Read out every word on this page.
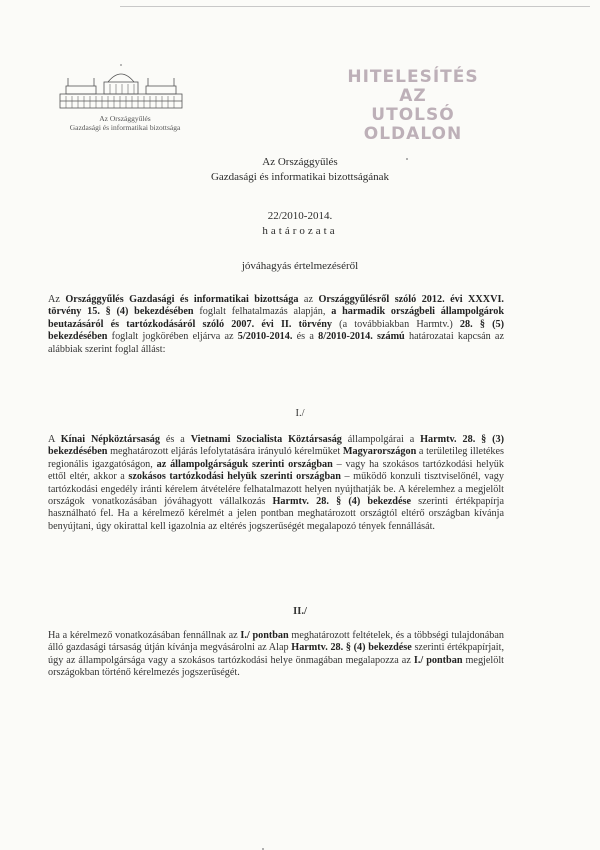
Az Országgyűlés
Gazdasági és informatikai bizottsága
HITELESÍTÉS AZ
UTOLSÓ OLDALON
Az Országgyűlés
Gazdasági és informatikai bizottságának
22/2010-2014.
határozata
jóváhagyás értelmezéséről
Az Országgyűlés Gazdasági és informatikai bizottsága az Országgyűlésről szóló 2012. évi XXXVI. törvény 15. § (4) bekezdésében foglalt felhatalmazás alapján, a harmadik országbeli állampolgárok beutazásáról és tartózkodásáról szóló 2007. évi II. törvény (a továbbiakban Harmtv.) 28. § (5) bekezdésében foglalt jogkörében eljárva az 5/2010-2014. és a 8/2010-2014. számú határozatai kapcsán az alábbiak szerint foglal állást:
I./
A Kínai Népköztársaság és a Vietnami Szocialista Köztársaság állampolgárai a Harmtv. 28. § (3) bekezdésében meghatározott eljárás lefolytatására irányuló kérelmüket Magyarországon a területileg illetékes regionális igazgatóságon, az állampolgárságuk szerinti országban – vagy ha szokásos tartózkodási helyük ettől eltér, akkor a szokásos tartózkodási helyük szerinti országban – működő konzuli tisztviselőnél, vagy tartózkodási engedély iránti kérelem átvételére felhatalmazott helyen nyújthatják be. A kérelemhez a megjelölt országok vonatkozásában jóváhagyott vállalkozás Harmtv. 28. § (4) bekezdése szerinti értékpapírja használható fel. Ha a kérelmező kérelmét a jelen pontban meghatározott országtól eltérő országban kívánja benyújtani, úgy okirattal kell igazolnia az eltérés jogszerűségét megalapozó tények fennállását.
II./
Ha a kérelmező vonatkozásában fennállnak az I./ pontban meghatározott feltételek, és a többségi tulajdonában álló gazdasági társaság útján kívánja megvásárolni az Alap Harmtv. 28. § (4) bekezdése szerinti értékpapírjait, úgy az állampolgársága vagy a szokásos tartózkodási helye önmagában megalapozza az I./ pontban megjelölt országokban történő kérelmezés jogszerűségét.
